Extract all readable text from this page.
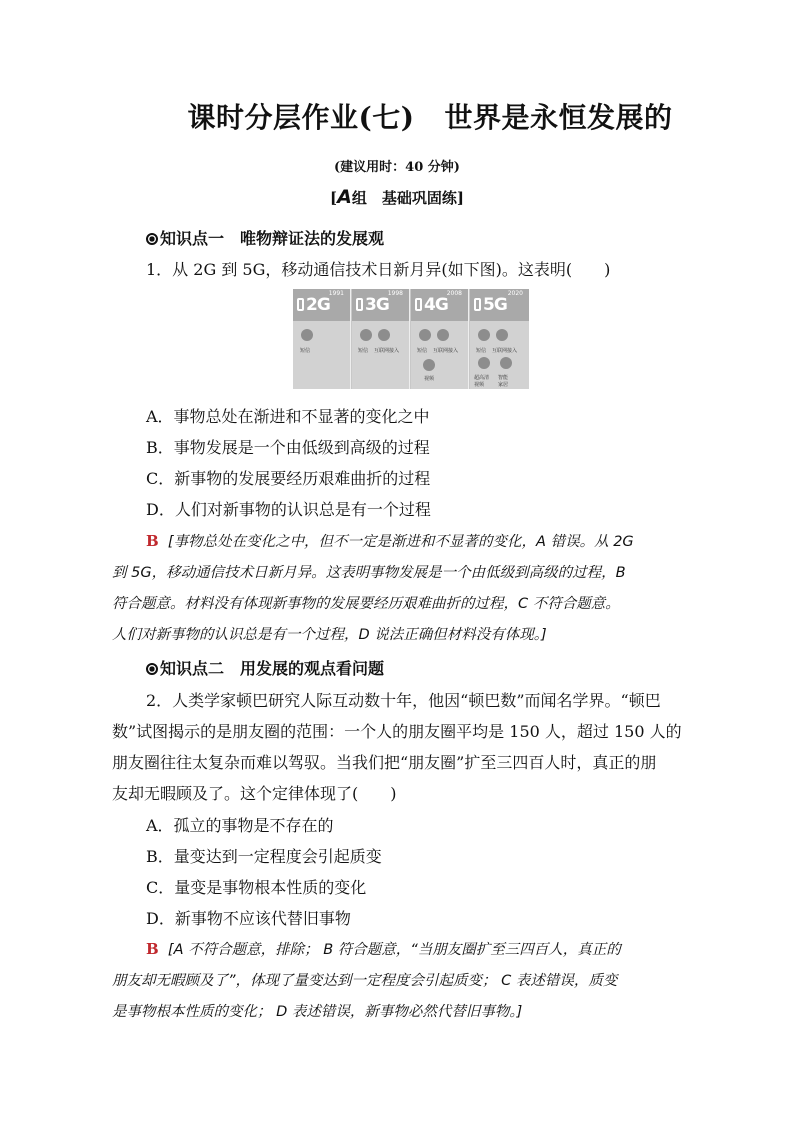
课时分层作业(七) 世界是永恒发展的
(建议用时：40 分钟)
[A组　基础巩固练]
知识点一　唯物辩证法的发展观
1．从 2G 到 5G，移动通信技术日新月异(如下图)。这表明(　　)
1991
2G
短信
1998
3G
短信 互联网接入
2008
4G
短信 互联网接入
视频
2020
5G
短信 互联网接入
超高清视频
智能家居
A．事物总处在渐进和不显著的变化之中
B．事物发展是一个由低级到高级的过程
C．新事物的发展要经历艰难曲折的过程
D．人们对新事物的认识总是有一个过程
B [事物总处在变化之中，但不一定是渐进和不显著的变化，A 错误。从 2G
到 5G，移动通信技术日新月异。这表明事物发展是一个由低级到高级的过程，B
符合题意。材料没有体现新事物的发展要经历艰难曲折的过程，C 不符合题意。
人们对新事物的认识总是有一个过程，D 说法正确但材料没有体现。]
知识点二　用发展的观点看问题
2．人类学家顿巴研究人际互动数十年，他因“顿巴数”而闻名学界。“顿巴
数”试图揭示的是朋友圈的范围：一个人的朋友圈平均是 150 人，超过 150 人的
朋友圈往往太复杂而难以驾驭。当我们把“朋友圈”扩至三四百人时，真正的朋
友却无暇顾及了。这个定律体现了(　　)
A．孤立的事物是不存在的
B．量变达到一定程度会引起质变
C．量变是事物根本性质的变化
D．新事物不应该代替旧事物
B [A 不符合题意，排除； B 符合题意，“当朋友圈扩至三四百人，真正的
朋友却无暇顾及了”，体现了量变达到一定程度会引起质变； C 表述错误，质变
是事物根本性质的变化； D 表述错误，新事物必然代替旧事物。]
